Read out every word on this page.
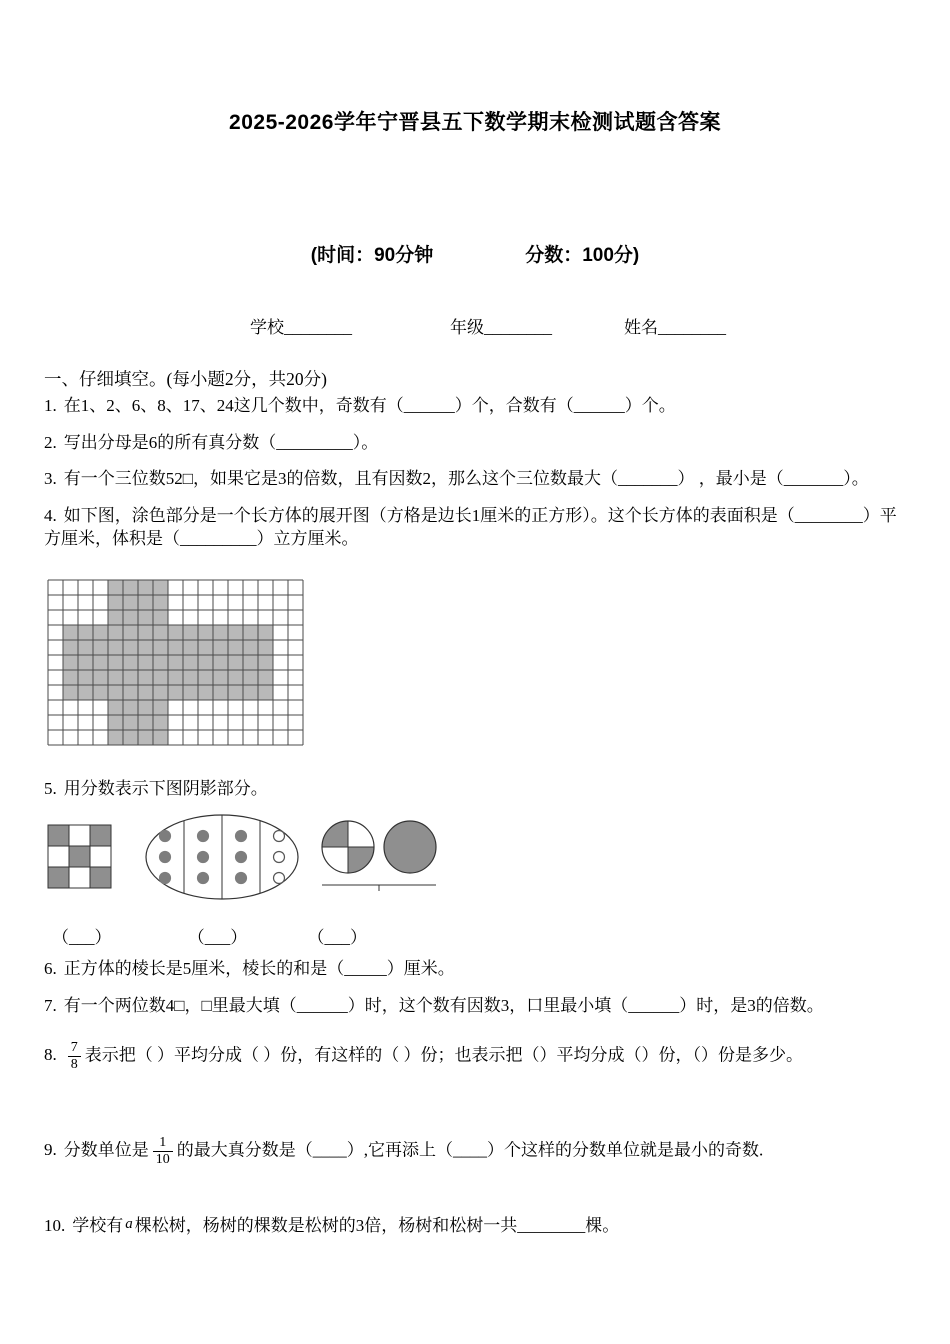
2025-2026学年宁晋县五下数学期末检测试题含答案
(时间：90分钟	分数：100分)
学校________	年级________	姓名________
一、仔细填空。(每小题2分，共20分)
1. 在1、2、6、8、17、24这几个数中，奇数有（______）个，合数有（______）个。
2. 写出分母是6的所有真分数（_________）。
3. 有一个三位数52□，如果它是3的倍数，且有因数2，那么这个三位数最大（_______） ，最小是（_______）。
4. 如下图，涂色部分是一个长方体的展开图（方格是边长1厘米的正方形）。这个长方体的表面积是（________）平方厘米，体积是（_________）立方厘米。
5. 用分数表示下图阴影部分。
（___）	（___）	（___）
6. 正方体的棱长是5厘米，棱长的和是（_____）厘米。
7. 有一个两位数4□，□里最大填（______）时，这个数有因数3，口里最小填（______）时，是3的倍数。
8. $\frac{7}{8}$ 表示把（ ）平均分成（ ）份，有这样的（ ）份；也表示把（）平均分成（）份，（）份是多少。
9. 分数单位是 $\frac{1}{10}$ 的最大真分数是（____）,它再添上（____）个这样的分数单位就是最小的奇数.
10. 学校有 a 棵松树，杨树的棵数是松树的3倍，杨树和松树一共________棵。
